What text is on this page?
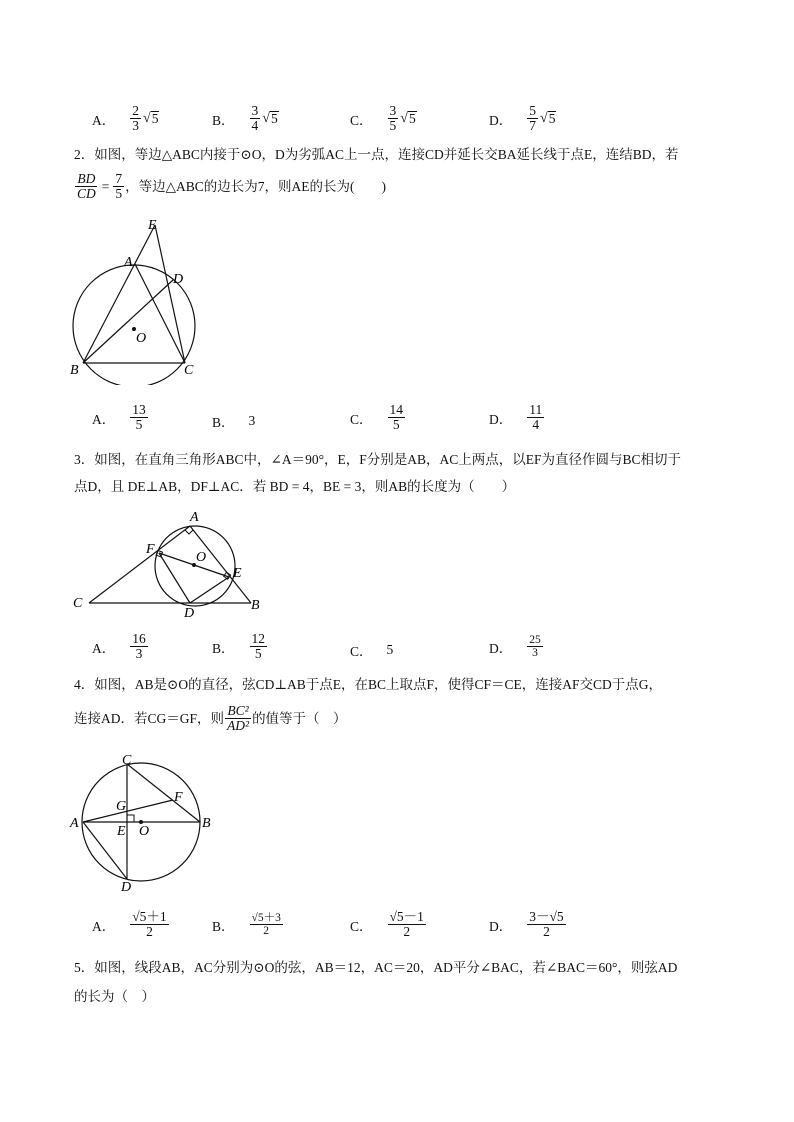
A． $\frac{2}{3}$ √ 5	B． $\frac{3}{4}$ √ 5	C． $\frac{3}{5}$ √ 5	D． $\frac{5}{7}$ √ 5
2．如图，等边△ABC内接于⊙O，D为劣弧AC上一点，连接CD并延长交BA延长线于点E，连结BD，若
$\frac{BD}{CD} = \frac{7}{5}$ ，等边△ABC的边长为7，则AE的长为(　　)
E
A
D
O
B	C
A． $\frac{13}{5}$	B． 3	C． $\frac{14}{5}$	D． $\frac{11}{4}$
3．如图，在直角三角形ABC中，∠A＝90°，E，F分别是AB，AC上两点，以EF为直径作圆与BC相切于
点D，且 DE⊥AB，DF⊥AC．若 BD = 4，BE = 3，则AB的长度为（　　）
A
F
O
E
C
D
B
A． $\frac{16}{3}$	B． $\frac{12}{5}$	C． 5	D． $\frac{25}{3}$
4．如图，AB是⊙O的直径，弦CD⊥AB于点E，在BC上取点F，使得CF＝CE，连接AF交CD于点G，
连接AD．若CG＝GF，则 $\frac{\text{BC²}}{\text{AD²}}$ 的值等于（　）
C
F
G
A
E O
B
D
A． $\frac{√5+1}{2}$	B． $\frac{√5+3}{2}$	C． $\frac{√5-1}{2}$	D． $\frac{3-√5}{2}$
5．如图，线段AB，AC分别为⊙O的弦，AB＝12，AC＝20，AD平分∠BAC，若∠BAC＝60°，则弦AD
的长为（　）
